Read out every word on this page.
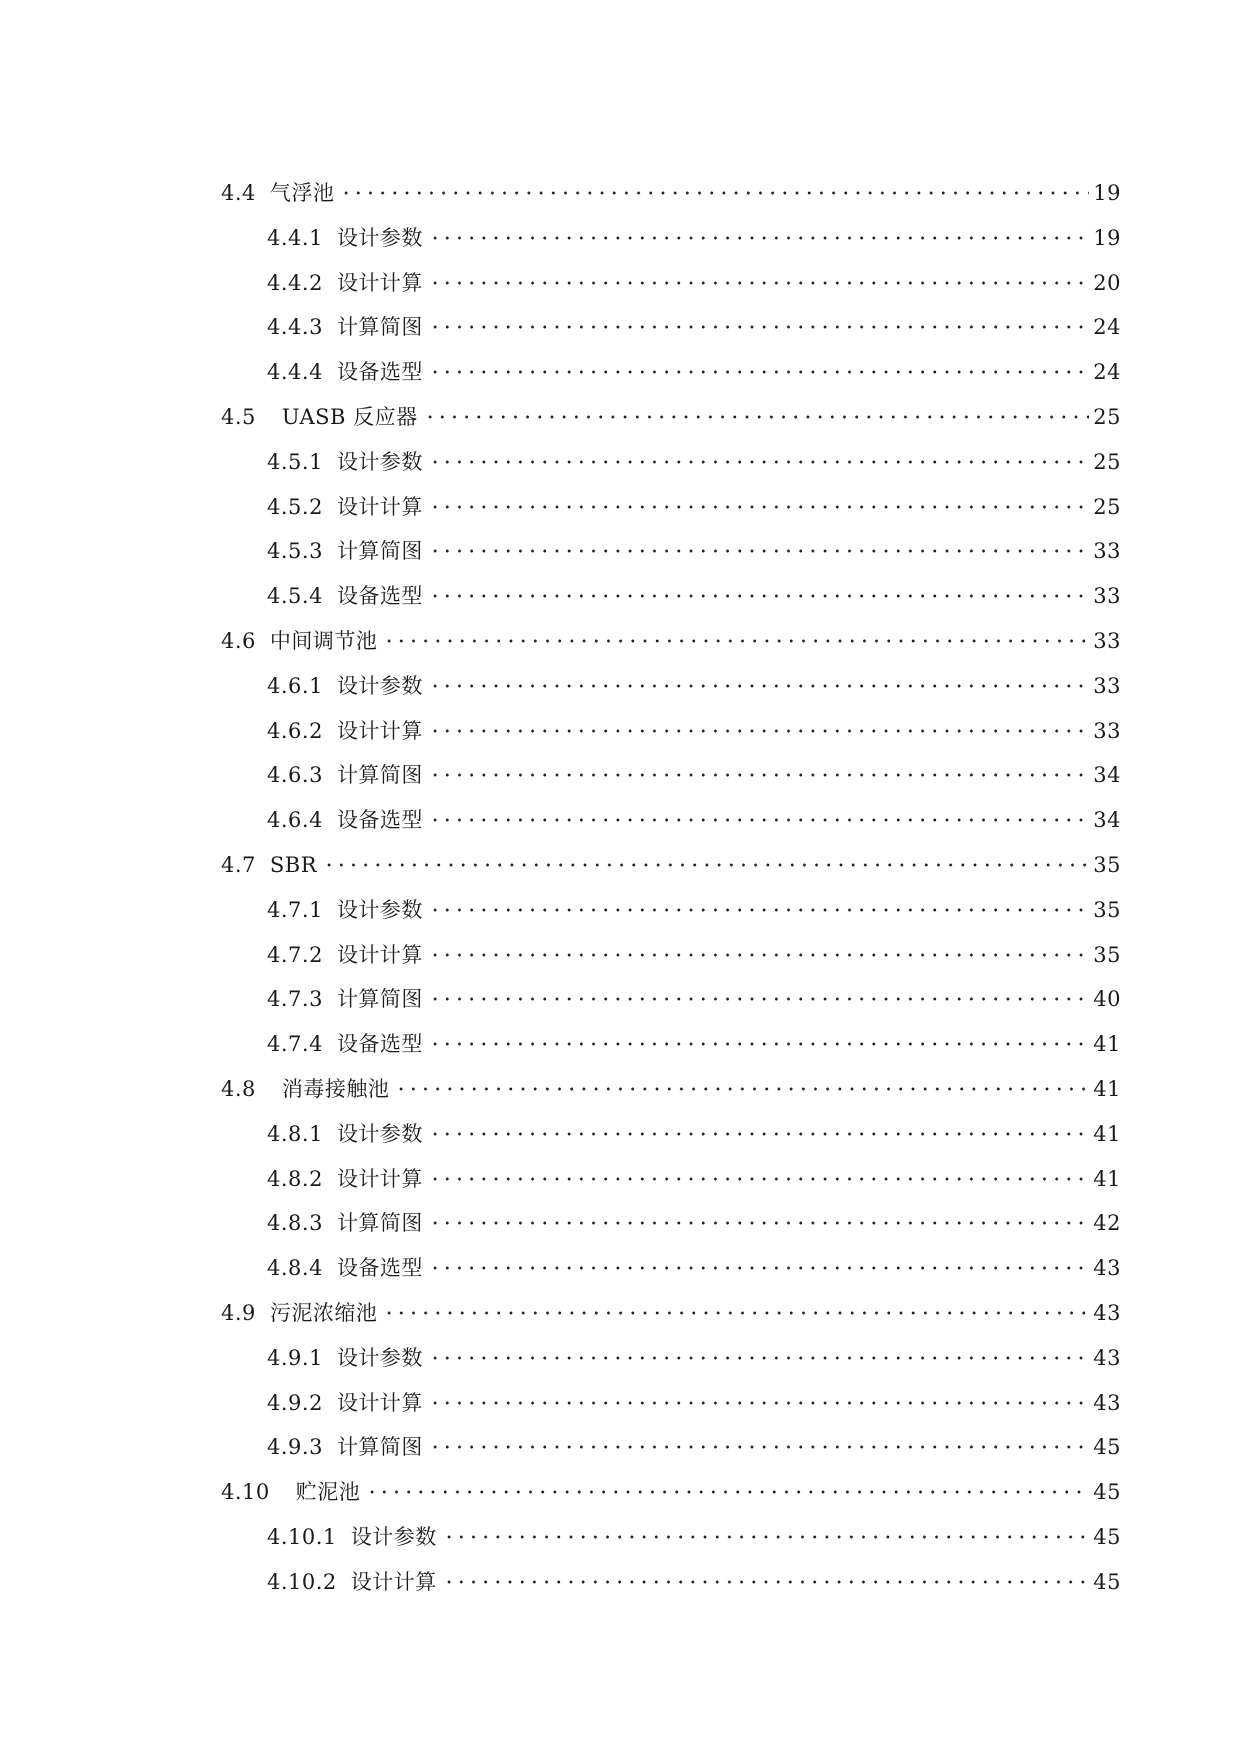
4.4 气浮池	19
4.4.1 设计参数	19
4.4.2 设计计算	20
4.4.3 计算简图	24
4.4.4 设备选型	24
4.5 UASB 反应器	25
4.5.1 设计参数	25
4.5.2 设计计算	25
4.5.3 计算简图	33
4.5.4 设备选型	33
4.6 中间调节池	33
4.6.1 设计参数	33
4.6.2 设计计算	33
4.6.3 计算简图	34
4.6.4 设备选型	34
4.7 SBR	35
4.7.1 设计参数	35
4.7.2 设计计算	35
4.7.3 计算简图	40
4.7.4 设备选型	41
4.8 消毒接触池	41
4.8.1 设计参数	41
4.8.2 设计计算	41
4.8.3 计算简图	42
4.8.4 设备选型	43
4.9 污泥浓缩池	43
4.9.1 设计参数	43
4.9.2 设计计算	43
4.9.3 计算简图	45
4.10 贮泥池	45
4.10.1 设计参数	45
4.10.2 设计计算	45
